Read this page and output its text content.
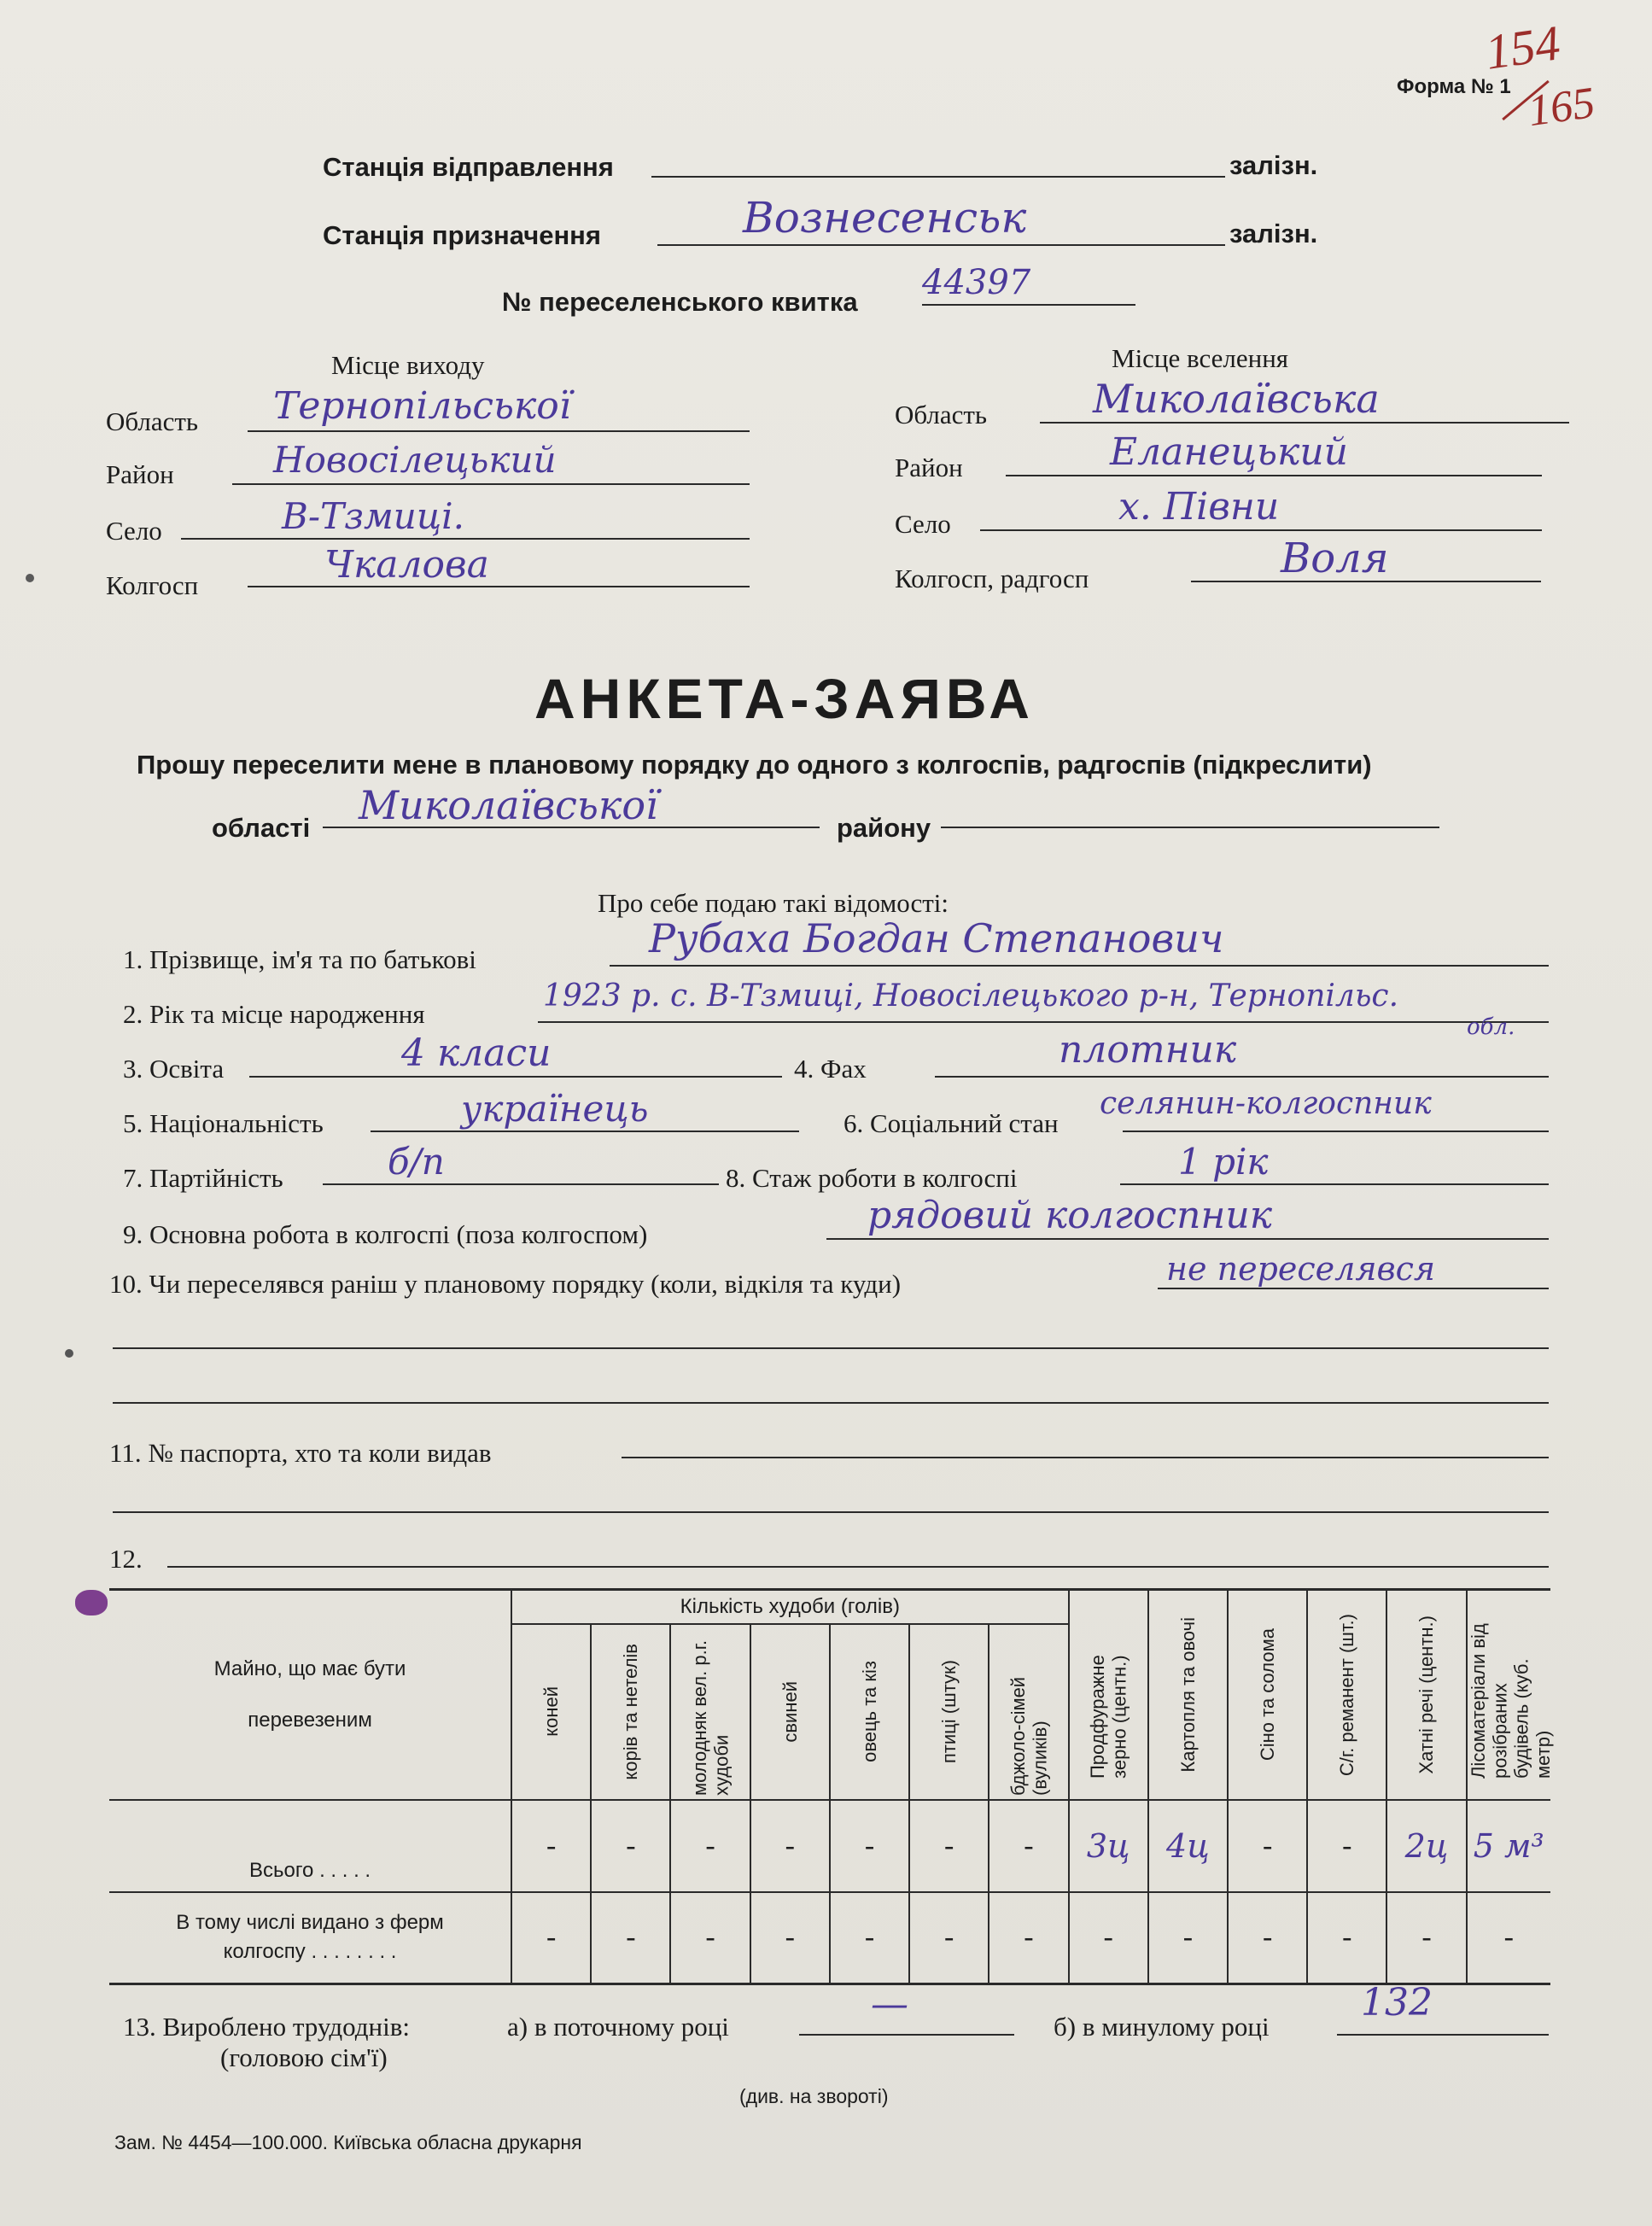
Форма № 1
154
165
Станція відправлення	залізн.
Станція призначення	Вознесенськ	залізн.
№ переселенського квитка 44397
Місце виходу
Область Тернопільської
Район	Новосілецький
Село	В-Тзмиці.
Колгосп	Чкалова
Місце вселення
Область	Миколаївська
Район	Еланецький
Село	х. Півни
Колгосп, радгосп	Воля
АНКЕТА-ЗАЯВА
Прошу переселити мене в плановому порядку до одного з колгоспів, радгоспів (підкреслити)
області Миколаївської	району
Про себе подаю такі відомості:
1. Прізвище, ім'я та по батькові	Рубаха Богдан Степанович
2. Рік та місце народження
1923 р. с. В-Тзмиці, Новосілецького р-н, Тернопільс.
обл.
3. Освіта	4 класи	4. Фах	плотник
5. Національність	українець	6. Соціальний стан
селянин-колгоспник
7. Партійність	б/п	8. Стаж роботи в колгоспі	1 рік
9. Основна робота в колгоспі (поза колгоспом)	рядовий колгоспник
10. Чи переселявся раніш у плановому порядку (коли, відкіля та куди)	не переселявся
11. № паспорта, хто та коли видав
12.
Майно, що має бути
перевезеним	Кількість худоби (голів)							Продфуражне зерно (центн.)	Картопля та овочі	Сіно та солома	С/г. реманент (шт.)	Хатні речі (центн.)	Лісоматеріали від розібраних будівель (куб. метр)

	коней	корів та нетелів	молодняк вел. р.г. худоби	свиней	овець та кіз	птиці (штук)	бджоло-сімей (вуликів)						

Всього . . . . .	-	-	-	-	-	-	-	3ц	4ц	-	-	2ц	5 м³

В тому числі видано з ферм колгоспу . . . . . . . .	-	-	-	-	-	-	-	-	-	-	-	-	-
13. Вироблено трудоднів:
(головою сім'ї)
а) в поточному році
—
б) в минулому році
132
(див. на звороті)
Зам. № 4454—100.000. Київська обласна друкарня
